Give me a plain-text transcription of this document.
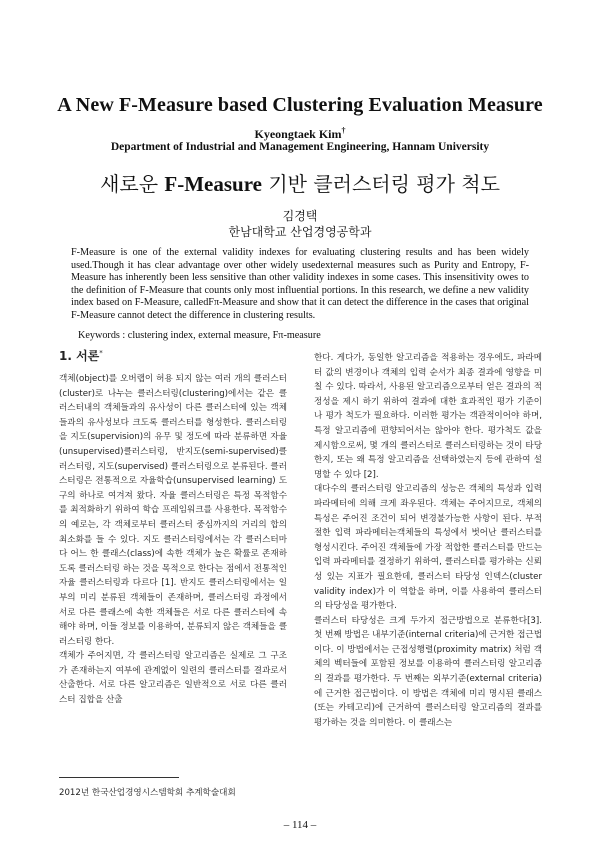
A New F-Measure based Clustering Evaluation Measure
Kyeongtaek Kim†
Department of Industrial and Management Engineering, Hannam University
새로운 F-Measure 기반 클러스터링 평가 척도
김경택
한남대학교 산업경영공학과
F-Measure is one of the external validity indexes for evaluating clustering results and has been widely used.Though it has clear advantage over other widely usedexternal measures such as Purity and Entropy, F-Measure has inherently been less sensitive than other validity indexes in some cases. This insensitivity owes to the definition of F-Measure that counts only most influential portions. In this research, we define a new validity index based on F-Measure, calledFπ-Measure and show that it can detect the difference in the cases that original F-Measure cannot detect the difference in clustering results.
Keywords : clustering index, external measure, Fπ-measure
1. 서론*

객체(object)를 오버랩이 허용 되지 않는 여러 개의 클러스터(cluster)로 나누는 클러스터링(clustering)에서는 같은 클러스터내의 객체들과의 유사성이 다른 클러스터에 있는 객체들과의 유사성보다 크도록 클러스터를 형성한다. 클러스터링을 지도(supervision)의 유무 및 정도에 따라 분류하면 자율(unsupervised)클러스터링, 반지도(semi-supervised)클러스터링, 지도(supervised) 클러스터링으로 분류된다. 클러스터링은 전통적으로 자율학습(unsupervised learning) 도구의 하나로 여겨져 왔다. 자율 클러스터링은 특정 목적함수를 최적화하기 위하여 학습 프레임워크를 사용한다. 목적함수의 예로는, 각 객체로부터 클러스터 중심까지의 거리의 합의 최소화를 들 수 있다. 지도 클러스터링에서는 각 클러스터마다 어느 한 클래스(class)에 속한 객체가 높은 확률로 존재하도록 클러스터링 하는 것을 목적으로 한다는 점에서 전통적인 자율 클러스터링과 다르다 [1]. 반지도 클러스터링에서는 일부의 미리 분류된 객체들이 존재하며, 클러스터링 과정에서 서로 다른 클래스에 속한 객체들은 서로 다른 클러스터에 속해야 하며, 이들 정보를 이용하여, 분류되지 않은 객체들을 클러스터링 한다.

객체가 주어지면, 각 클러스터링 알고리즘은 실제로 그 구조가 존재하는지 여부에 관계없이 일련의 클러스터를 결과로서 산출한다. 서로 다른 알고리즘은 일반적으로 서로 다른 클러스터 집합을 산출

한다. 게다가, 동일한 알고리즘을 적용하는 경우에도, 파라메터 값의 변경이나 객체의 입력 순서가 최종 결과에 영향을 미칠 수 있다. 따라서, 사용된 알고리즘으로부터 얻은 결과의 적정성을 제시 하기 위하여 결과에 대한 효과적인 평가 기준이나 평가 척도가 필요하다. 이러한 평가는 객관적이어야 하며, 특정 알고리즘에 편향되어서는 않아야 한다. 평가척도 값을 제시함으로써, 몇 개의 클러스터로 클러스터링하는 것이 타당한지, 또는 왜 특정 알고리즘을 선택하였는지 등에 관하여 설명할 수 있다 [2].

대다수의 클러스터링 알고리즘의 성능은 객체의 특성과 입력 파라메터에 의해 크게 좌우된다. 객체는 주어지므로, 객체의 특성은 주어진 조건이 되어 변경불가능한 사항이 된다. 부적절한 입력 파라메터는객체들의 특성에서 벗어난 클러스터를 형성시킨다. 주어진 객체들에 가장 적합한 클러스터를 만드는 입력 파라메터를 결정하기 위하여, 클러스터를 평가하는 신뢰성 있는 지표가 필요한데, 클러스터 타당성 인덱스(cluster validity index)가 이 역할을 하며, 이를 사용하여 클러스터의 타당성을 평가한다.

클러스터 타당성은 크게 두가지 접근방법으로 분류한다[3]. 첫 번째 방법은 내부기준(internal criteria)에 근거한 접근법이다. 이 방법에서는 근접성행렬(proximity matrix) 처럼 객체의 벡터들에 포함된 정보를 이용하여 클러스터링 알고리즘의 결과를 평가한다. 두 번째는 외부기준(external criteria)에 근거한 접근법이다. 이 방법은 객체에 미리 명시된 클래스(또는 카테고리)에 근거하여 클러스터링 알고리즘의 결과를 평가하는 것을 의미한다. 이 클래스는

2012년 한국산업경영시스템학회 추계학술대회
– 114 –
